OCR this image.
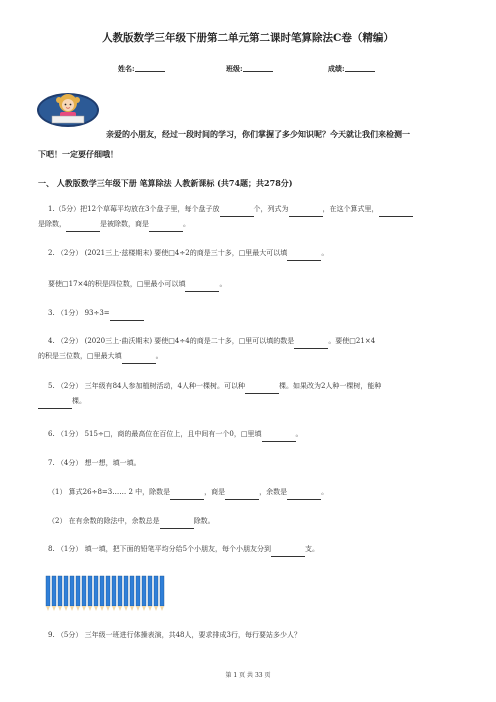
人教版数学三年级下册第二单元第二课时笔算除法C卷（精编）
姓名:	班级:	成绩:
亲爱的小朋友，经过一段时间的学习，你们掌握了多少知识呢？今天就让我们来检测一
下吧！一定要仔细哦！
一、 人教版数学三年级下册 笔算除法 人教新课标 (共74题；共278分)
1.（5分）把12个草莓平均放在3个盘子里，每个盘子放	个，列式为	，在这个算式里，
是除数，	是被除数，商是	。
2. （2分） (2021三上·兹楼期末) 要使□4÷2的商是三十多，□里最大可以填	。
要使□17×4的积是四位数，□里最小可以填	。
3. （1分） 93÷3=
4. （2分） (2020三上·曲沃期末) 要使□4÷4的商是二十多，□里可以填的数是	。要使□21×4
的积是三位数，□里最大填	。
5. （2分） 三年级有84人参加植树活动，4人种一棵树。可以种	棵。如果改为2人种一棵树，能种
棵。
6. （1分） 515÷□，商的最高位在百位上，且中间有一个0，□里填	。
7. （4分） 想一想，填一填。
（1） 算式26÷8=3…… 2 中，除数是	，商是	，余数是	。
（2） 在有余数的除法中，余数总是	除数。
8. （1分） 填一填，把下面的铅笔平均分给5个小朋友，每个小朋友分到	支。
9. （5分） 三年级一班进行体操表演，共48人，要求排成3行，每行要站多少人？
第 1 页 共 33 页
